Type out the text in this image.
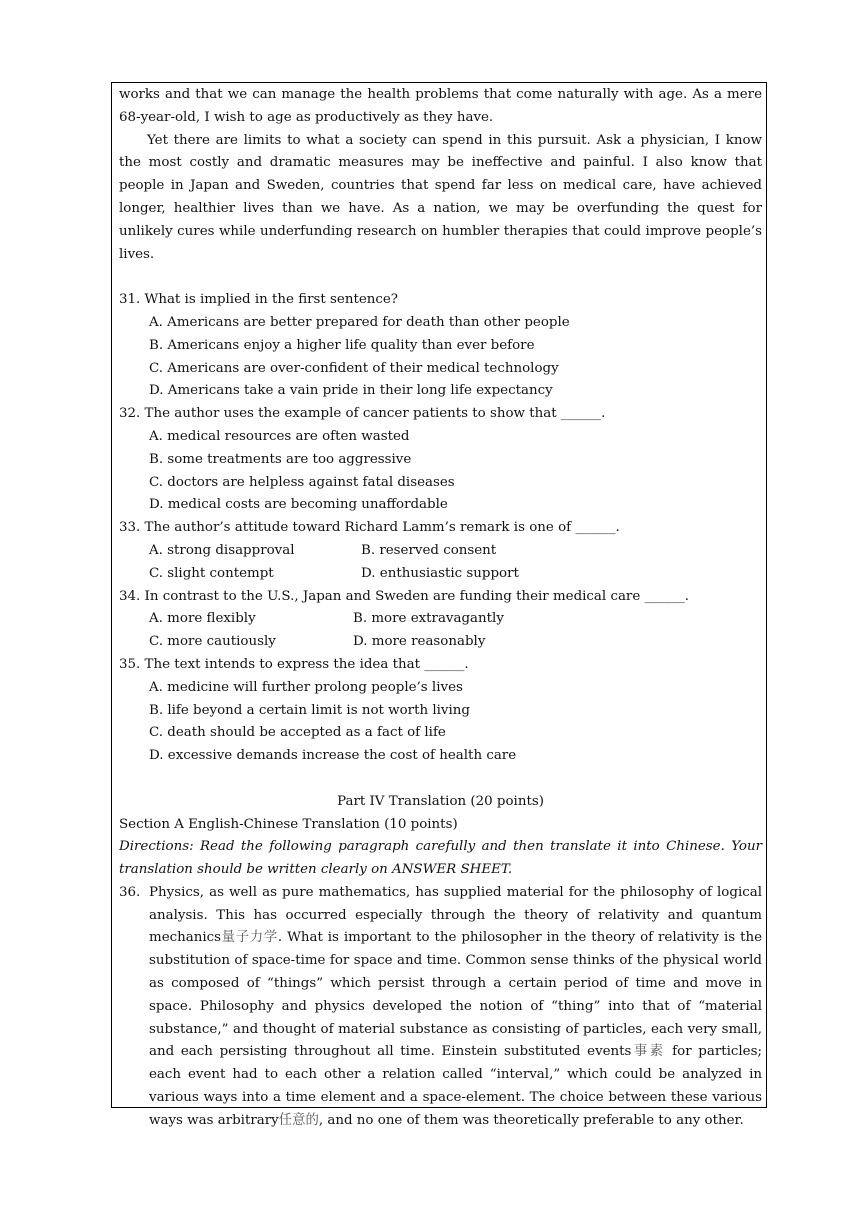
works and that we can manage the health problems that come naturally with age. As a mere 68-year-old, I wish to age as productively as they have.

Yet there are limits to what a society can spend in this pursuit. Ask a physician, I know the most costly and dramatic measures may be ineffective and painful. I also know that people in Japan and Sweden, countries that spend far less on medical care, have achieved longer, healthier lives than we have. As a nation, we may be overfunding the quest for unlikely cures while underfunding research on humbler therapies that could improve people’s lives.

31. What is implied in the first sentence?

A. Americans are better prepared for death than other people

B. Americans enjoy a higher life quality than ever before

C. Americans are over-confident of their medical technology

D. Americans take a vain pride in their long life expectancy

32. The author uses the example of cancer patients to show that ______.

A. medical resources are often wasted

B. some treatments are too aggressive

C. doctors are helpless against fatal diseases

D. medical costs are becoming unaffordable

33. The author’s attitude toward Richard Lamm’s remark is one of ______.

A. strong disapproval	B. reserved consent
C. slight contempt	D. enthusiastic support

34. In contrast to the U.S., Japan and Sweden are funding their medical care ______.

A. more flexibly	B. more extravagantly
C. more cautiously	D. more reasonably

35. The text intends to express the idea that ______.

A. medicine will further prolong people’s lives

B. life beyond a certain limit is not worth living

C. death should be accepted as a fact of life

D. excessive demands increase the cost of health care

Part IV Translation (20 points)

Section A English-Chinese Translation (10 points)

Directions: Read the following paragraph carefully and then translate it into Chinese. Your translation should be written clearly on ANSWER SHEET.

36. Physics, as well as pure mathematics, has supplied material for the philosophy of logical analysis. This has occurred especially through the theory of relativity and quantum mechanics量子力学. What is important to the philosopher in the theory of relativity is the substitution of space-time for space and time. Common sense thinks of the physical world as composed of “things” which persist through a certain period of time and move in space. Philosophy and physics developed the notion of “thing” into that of “material substance,” and thought of material substance as consisting of particles, each very small, and each persisting throughout all time. Einstein substituted events事素 for particles; each event had to each other a relation called “interval,” which could be analyzed in various ways into a time element and a space-element. The choice between these various ways was arbitrary任意的, and no one of them was theoretically preferable to any other.
